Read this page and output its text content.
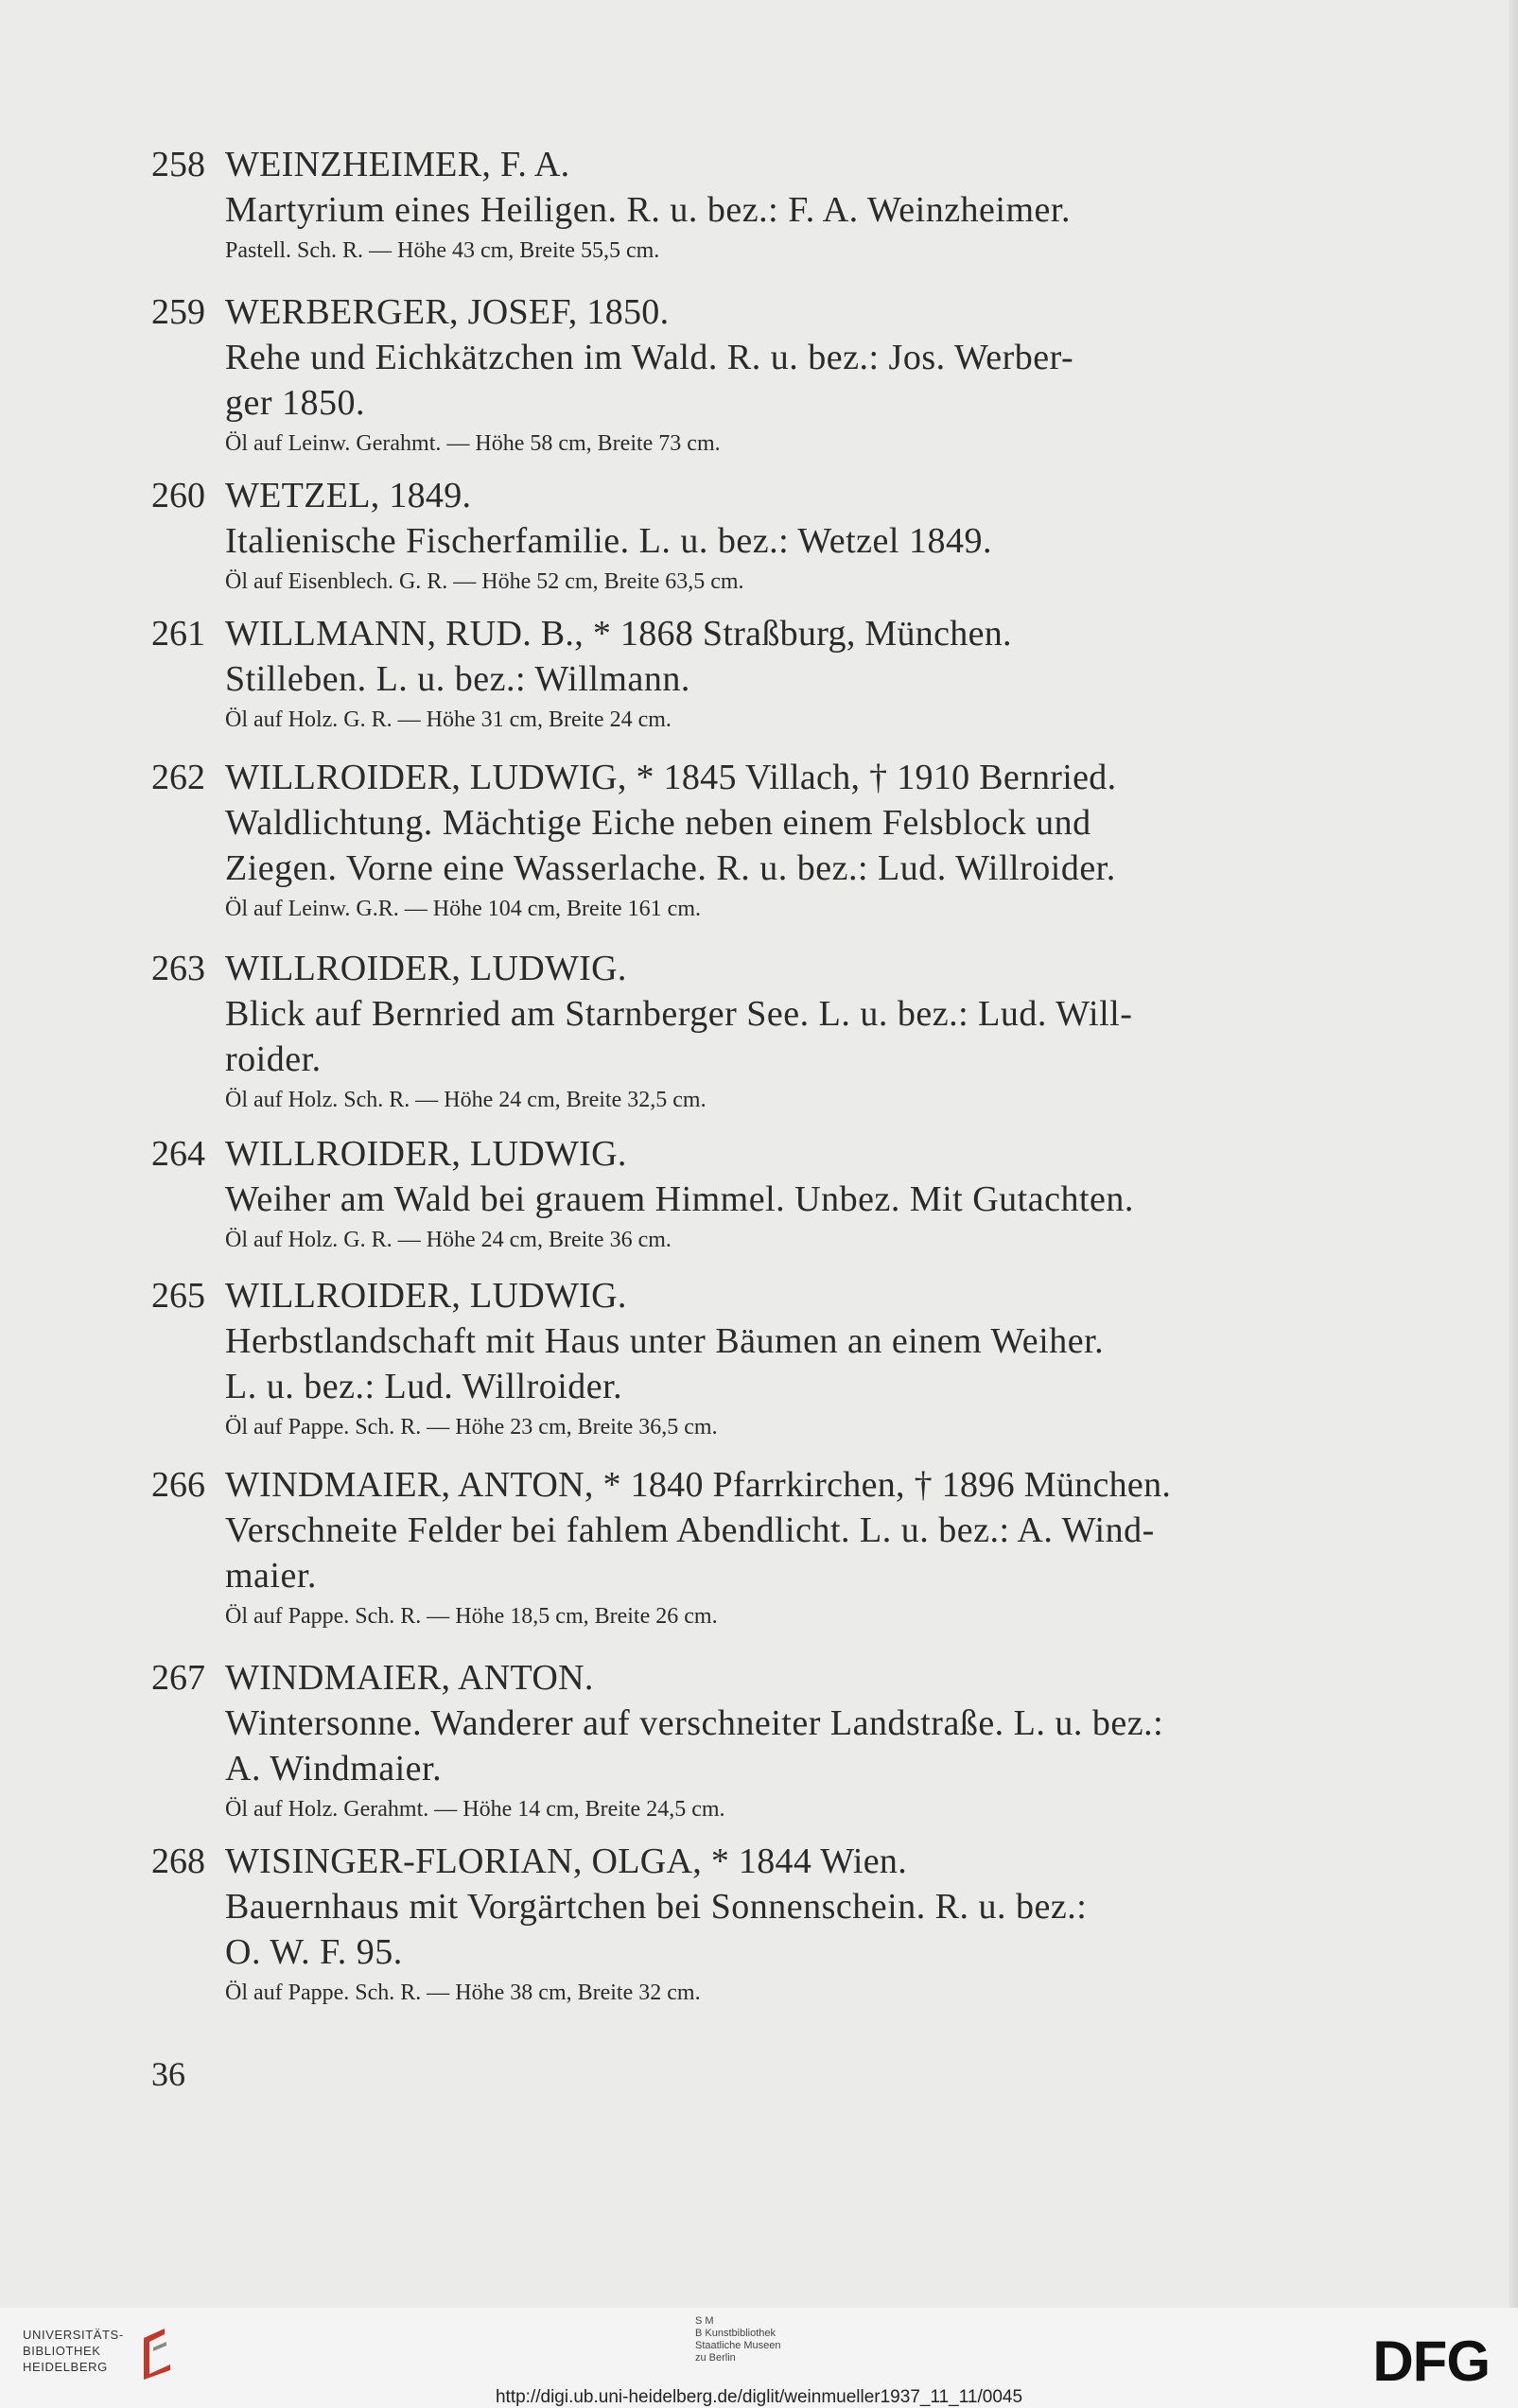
258 WEINZHEIMER, F. A.
Martyrium eines Heiligen. R. u. bez.: F. A. Weinzheimer.
Pastell. Sch. R. — Höhe 43 cm, Breite 55,5 cm.
259 WERBERGER, JOSEF, 1850.
Rehe und Eichkätzchen im Wald. R. u. bez.: Jos. Werber-
ger 1850.
Öl auf Leinw. Gerahmt. — Höhe 58 cm, Breite 73 cm.
260 WETZEL, 1849.
Italienische Fischerfamilie. L. u. bez.: Wetzel 1849.
Öl auf Eisenblech. G. R. — Höhe 52 cm, Breite 63,5 cm.
261 WILLMANN, RUD. B., * 1868 Straßburg, München.
Stilleben. L. u. bez.: Willmann.
Öl auf Holz. G. R. — Höhe 31 cm, Breite 24 cm.
262 WILLROIDER, LUDWIG, * 1845 Villach, † 1910 Bernried.
Waldlichtung. Mächtige Eiche neben einem Felsblock und
Ziegen. Vorne eine Wasserlache. R. u. bez.: Lud. Willroider.
Öl auf Leinw. G.R. — Höhe 104 cm, Breite 161 cm.
263 WILLROIDER, LUDWIG.
Blick auf Bernried am Starnberger See. L. u. bez.: Lud. Will-
roider.
Öl auf Holz. Sch. R. — Höhe 24 cm, Breite 32,5 cm.
264 WILLROIDER, LUDWIG.
Weiher am Wald bei grauem Himmel. Unbez. Mit Gutachten.
Öl auf Holz. G. R. — Höhe 24 cm, Breite 36 cm.
265 WILLROIDER, LUDWIG.
Herbstlandschaft mit Haus unter Bäumen an einem Weiher.
L. u. bez.: Lud. Willroider.
Öl auf Pappe. Sch. R. — Höhe 23 cm, Breite 36,5 cm.
266 WINDMAIER, ANTON, * 1840 Pfarrkirchen, † 1896 München.
Verschneite Felder bei fahlem Abendlicht. L. u. bez.: A. Wind-
maier.
Öl auf Pappe. Sch. R. — Höhe 18,5 cm, Breite 26 cm.
267 WINDMAIER, ANTON.
Wintersonne. Wanderer auf verschneiter Landstraße. L. u. bez.:
A. Windmaier.
Öl auf Holz. Gerahmt. — Höhe 14 cm, Breite 24,5 cm.
268 WISINGER-FLORIAN, OLGA, * 1844 Wien.
Bauernhaus mit Vorgärtchen bei Sonnenschein. R. u. bez.:
O. W. F. 95.
Öl auf Pappe. Sch. R. — Höhe 38 cm, Breite 32 cm.
36
UNIVERSITÄTS-
BIBLIOTHEK
HEIDELBERG
S M
B Kunstbibliothek
Staatliche Museen
zu Berlin	DFG
http://digi.ub.uni-heidelberg.de/diglit/weinmueller1937_11_11/0045
